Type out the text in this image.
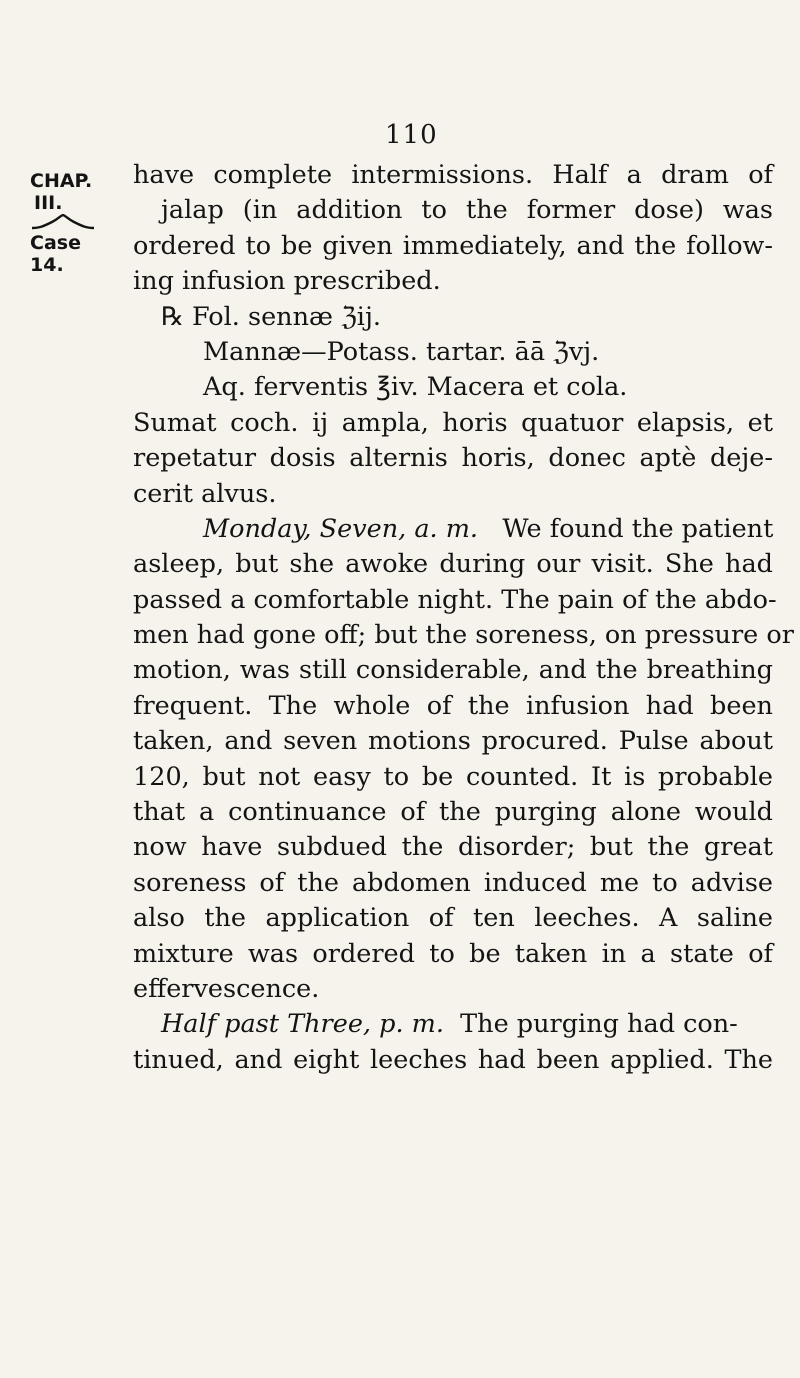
110
CHAP.
III.
Case 14.
have complete intermissions. Half a dram of
jalap (in addition to the former dose) was
ordered to be given immediately, and the follow-
ing infusion prescribed.
℞ Fol. sennæ ℨij.
Mannæ—Potass. tartar. āā ℨvj.
Aq. ferventis ℥iv. Macera et cola.
Sumat coch. ij ampla, horis quatuor elapsis, et
repetatur dosis alternis horis, donec aptè deje-
cerit alvus.
Monday, Seven, a. m. We found the patient
asleep, but she awoke during our visit. She had
passed a comfortable night. The pain of the abdo-
men had gone off; but the soreness, on pressure or
motion, was still considerable, and the breathing
frequent. The whole of the infusion had been
taken, and seven motions procured. Pulse about
120, but not easy to be counted. It is probable
that a continuance of the purging alone would
now have subdued the disorder; but the great
soreness of the abdomen induced me to advise
also the application of ten leeches. A saline
mixture was ordered to be taken in a state of
effervescence.
Half past Three, p. m. The purging had con-
tinued, and eight leeches had been applied. The
